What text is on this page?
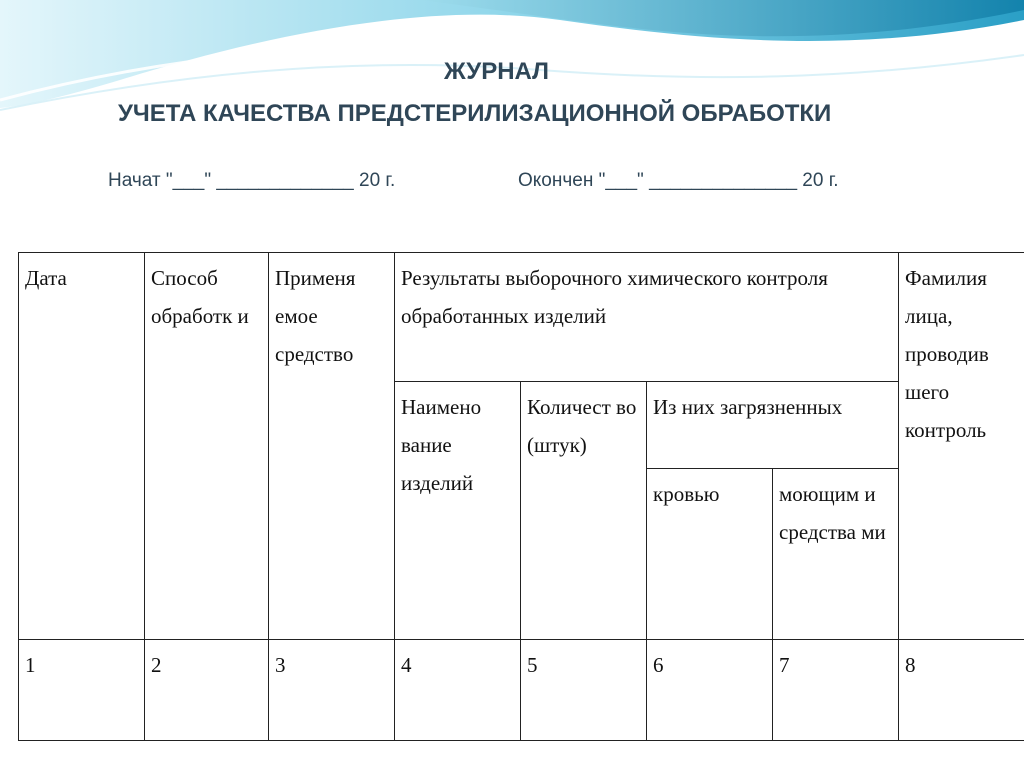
ЖУРНАЛ
УЧЕТА КАЧЕСТВА ПРЕДСТЕРИЛИЗАЦИОННОЙ ОБРАБОТКИ
Начат "___" _____________ 20 г.	Окончен "___" ______________ 20 г.
Дата	Способ обработк и	Применя емое средство	Результаты выборочного химического контроля обработанных изделий				Фамилия лица, проводив шего контроль
			Наимено вание изделий	Количест во (штук)	Из них загрязненных		
					кровью	моющим и средства ми	
1	2	3	4	5	6	7	8
